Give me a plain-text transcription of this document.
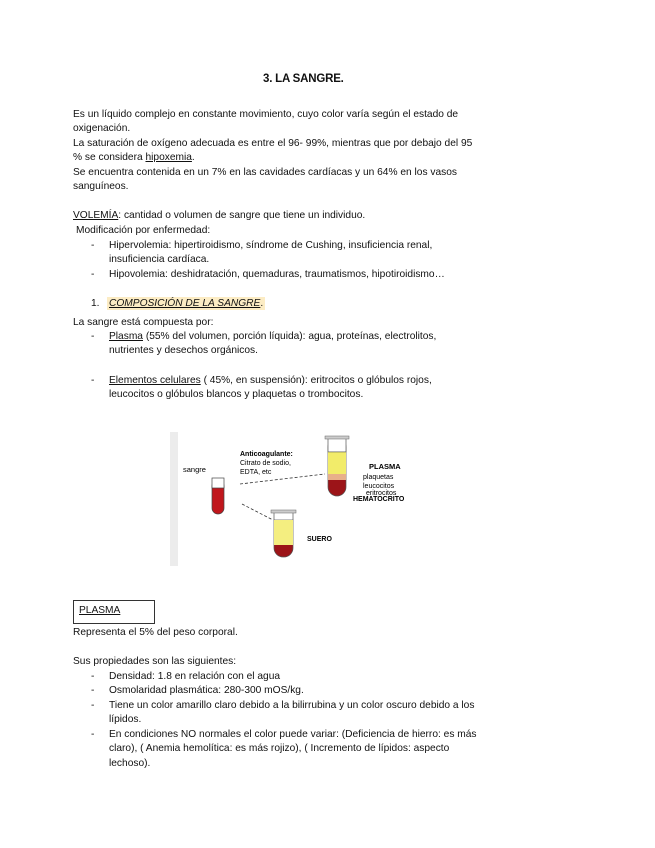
3. LA SANGRE.
Es un líquido complejo en constante movimiento, cuyo color varía según el estado de
oxigenación.
La saturación de oxígeno adecuada es entre el 96- 99%, mientras que por debajo del 95
% se considera hipoxemia.
Se encuentra contenida en un 7% en las cavidades cardíacas y un 64% en los vasos
sanguíneos.
VOLEMÍA: cantidad o volumen de sangre que tiene un individuo.
Modificación por enfermedad:
- Hipervolemia: hipertiroidismo, síndrome de Cushing, insuficiencia renal,
insuficiencia cardíaca.
- Hipovolemia: deshidratación, quemaduras, traumatismos, hipotiroidismo…
1. COMPOSICIÓN DE LA SANGRE.
La sangre está compuesta por:
- Plasma (55% del volumen, porción líquida): agua, proteínas, electrolitos,
nutrientes y desechos orgánicos.
- Elementos celulares ( 45%, en suspensión): eritrocitos o glóbulos rojos,
leucocitos o glóbulos blancos y plaquetas o trombocitos.
sangre
Anticoagulante:
Citrato de sodio,
EDTA, etc
PLASMA
plaquetas
leucocitos
eritrocitos
HEMATOCRITO
SUERO
PLASMA
Representa el 5% del peso corporal.
Sus propiedades son las siguientes:
- Densidad: 1.8 en relación con el agua
- Osmolaridad plasmática: 280-300 mOS/kg.
- Tiene un color amarillo claro debido a la bilirrubina y un color oscuro debido a los
lípidos.
- En condiciones NO normales el color puede variar: (Deficiencia de hierro: es más
claro), ( Anemia hemolítica: es más rojizo), ( Incremento de lípidos: aspecto
lechoso).
